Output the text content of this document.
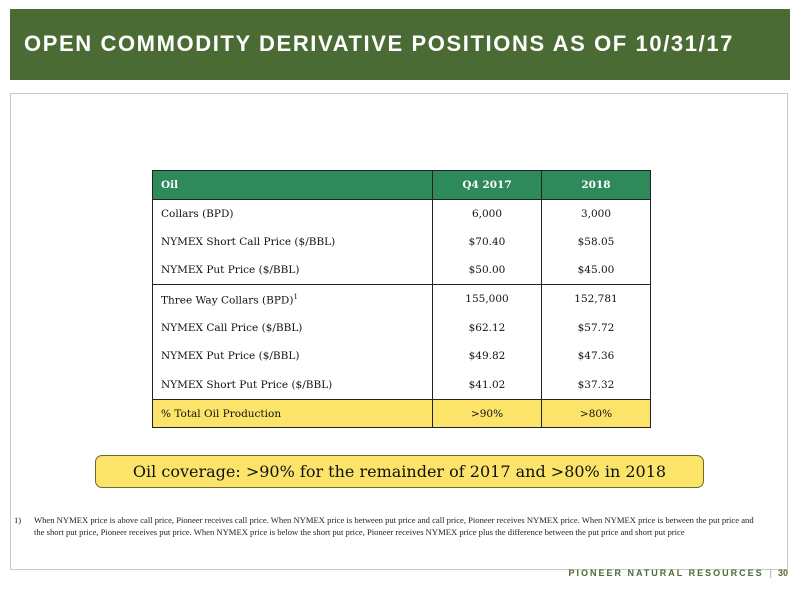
OPEN COMMODITY DERIVATIVE POSITIONS AS OF 10/31/17
Oil	Q4 2017	2018
Collars (BPD)	6,000	3,000
NYMEX Short Call Price ($/BBL)	$70.40	$58.05
NYMEX Put Price ($/BBL)	$50.00	$45.00
Three Way Collars (BPD)$^1$	155,000	152,781
NYMEX Call Price ($/BBL)	$62.12	$57.72
NYMEX Put Price ($/BBL)	$49.82	$47.36
NYMEX Short Put Price ($/BBL)	$41.02	$37.32
% Total Oil Production	>90%	>80%
Oil coverage: >90% for the remainder of 2017 and >80% in 2018
1) When NYMEX price is above call price, Pioneer receives call price. When NYMEX price is between put price and call price, Pioneer receives NYMEX price. When NYMEX price is between the put price and the short put price, Pioneer receives put price. When NYMEX price is below the short put price, Pioneer receives NYMEX price plus the difference between the put price and short put price
PIONEER NATURAL RESOURCES | 30
